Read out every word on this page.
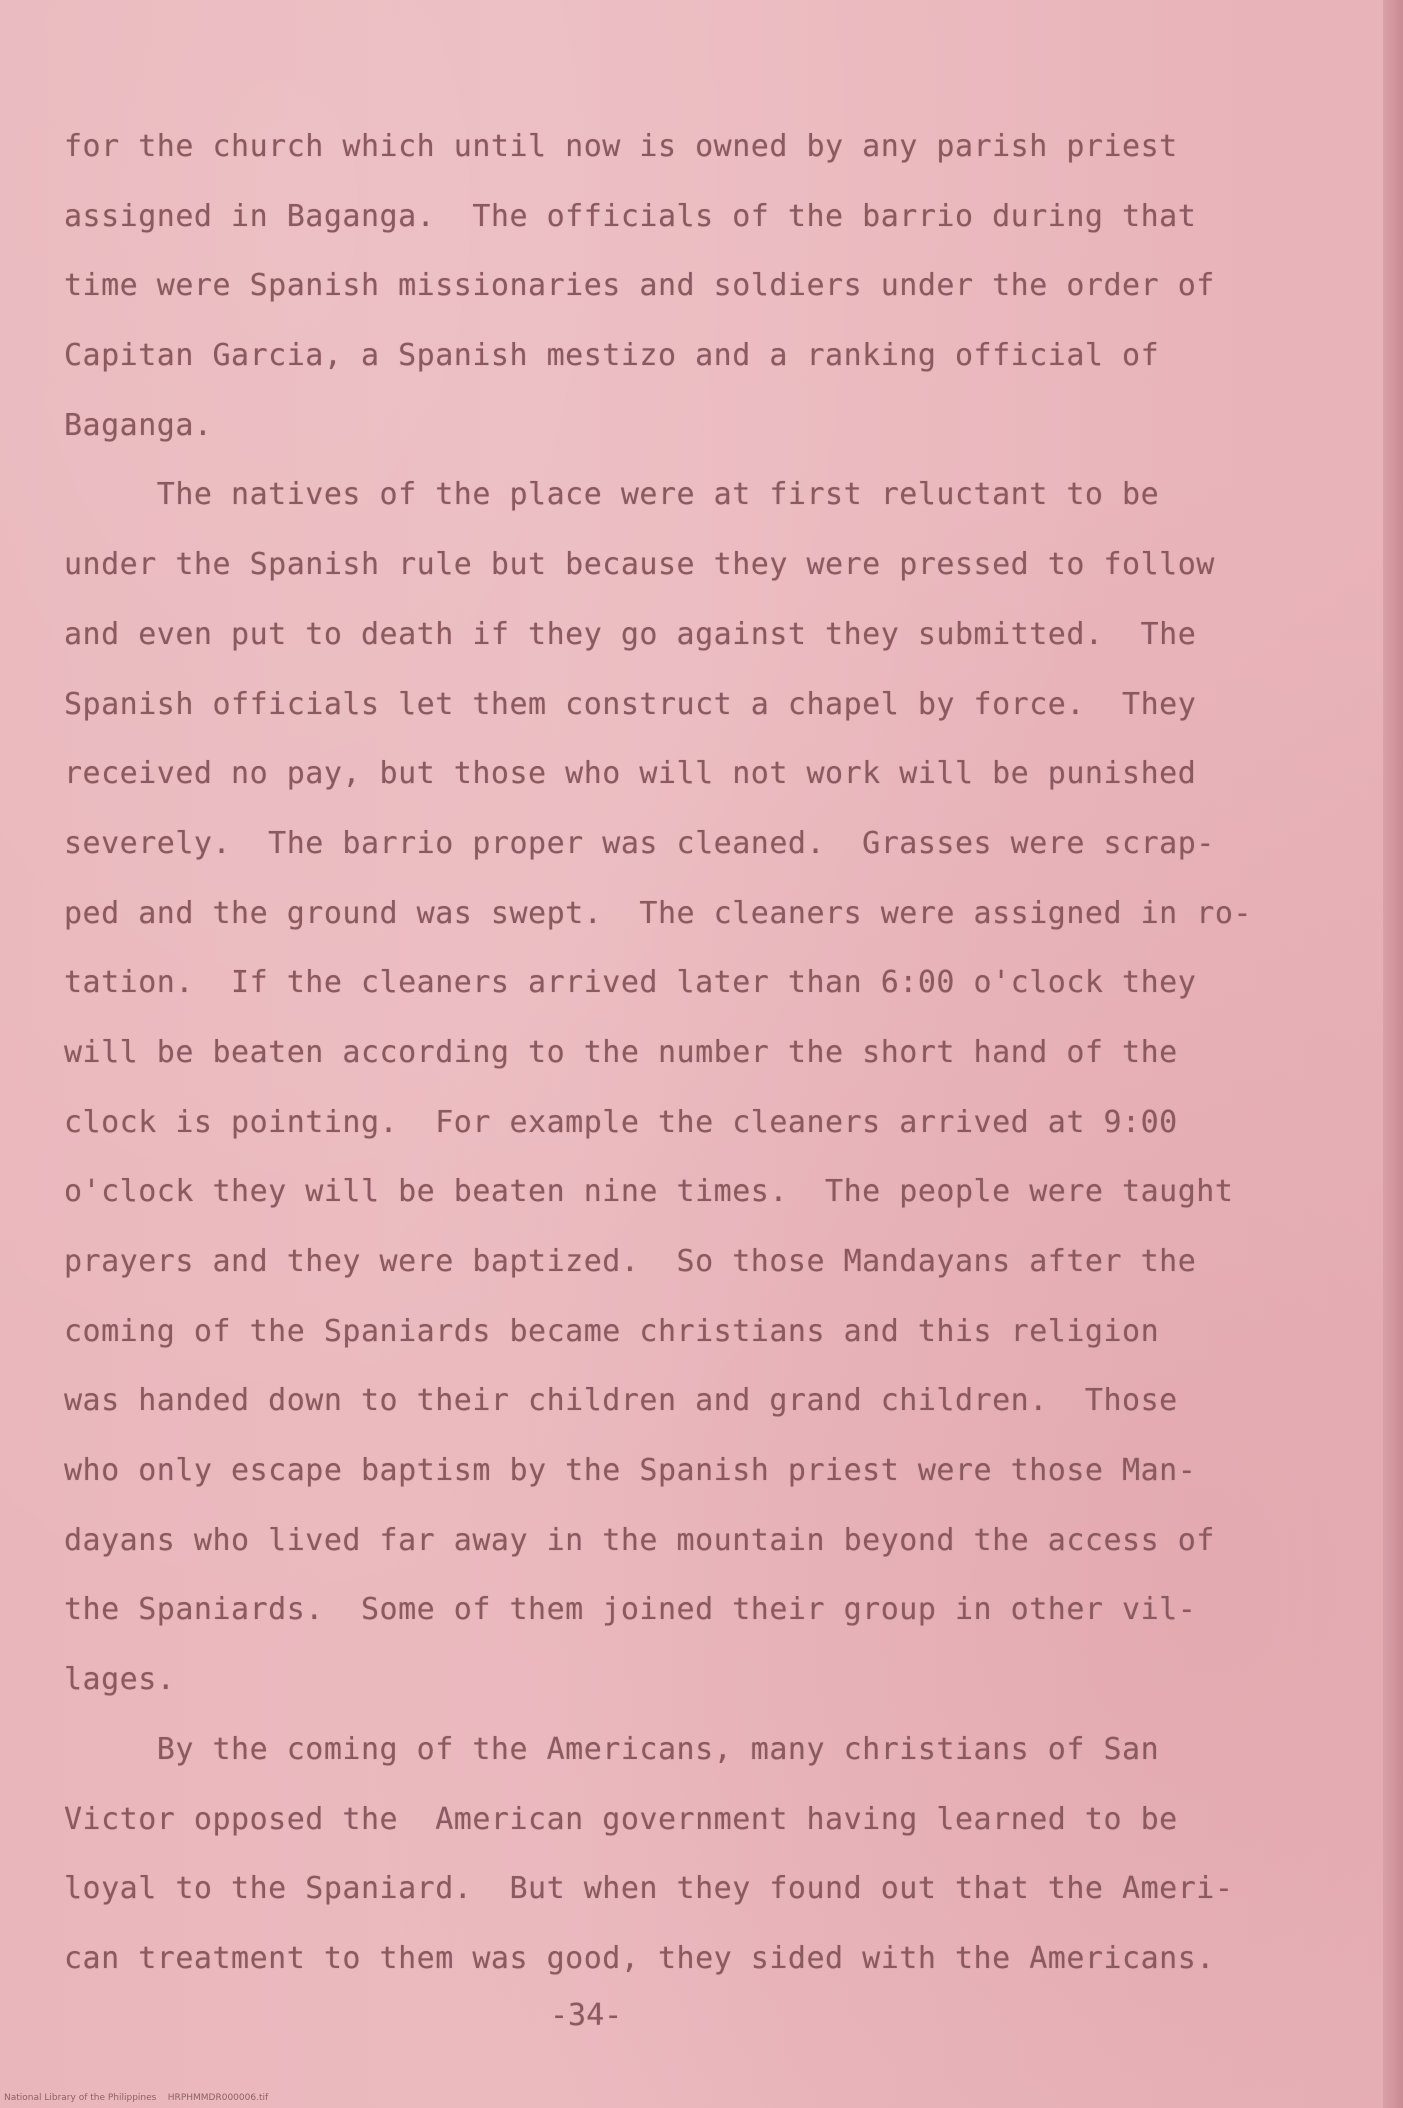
for the church which until now is owned by any parish priest
assigned in Baganga.  The officials of the barrio during that
time were Spanish missionaries and soldiers under the order of
Capitan Garcia, a Spanish mestizo and a ranking official of
Baganga.
The natives of the place were at first reluctant to be
under the Spanish rule but because they were pressed to follow
and even put to death if they go against they submitted.  The
Spanish officials let them construct a chapel by force.  They
received no pay, but those who will not work will be punished
severely.  The barrio proper was cleaned.  Grasses were scrap-
ped and the ground was swept.  The cleaners were assigned in ro-
tation.  If the cleaners arrived later than 6:00 o'clock they
will be beaten according to the number the short hand of the
clock is pointing.  For example the cleaners arrived at 9:00
o'clock they will be beaten nine times.  The people were taught
prayers and they were baptized.  So those Mandayans after the
coming of the Spaniards became christians and this religion
was handed down to their children and grand children.  Those
who only escape baptism by the Spanish priest were those Man-
dayans who lived far away in the mountain beyond the access of
the Spaniards.  Some of them joined their group in other vil-
lages.
By the coming of the Americans, many christians of San
Victor opposed the  American government having learned to be
loyal to the Spaniard.  But when they found out that the Ameri-
can treatment to them was good, they sided with the Americans.
-34-
National Library of the Philippines    HRPHMMDR000006.tif
